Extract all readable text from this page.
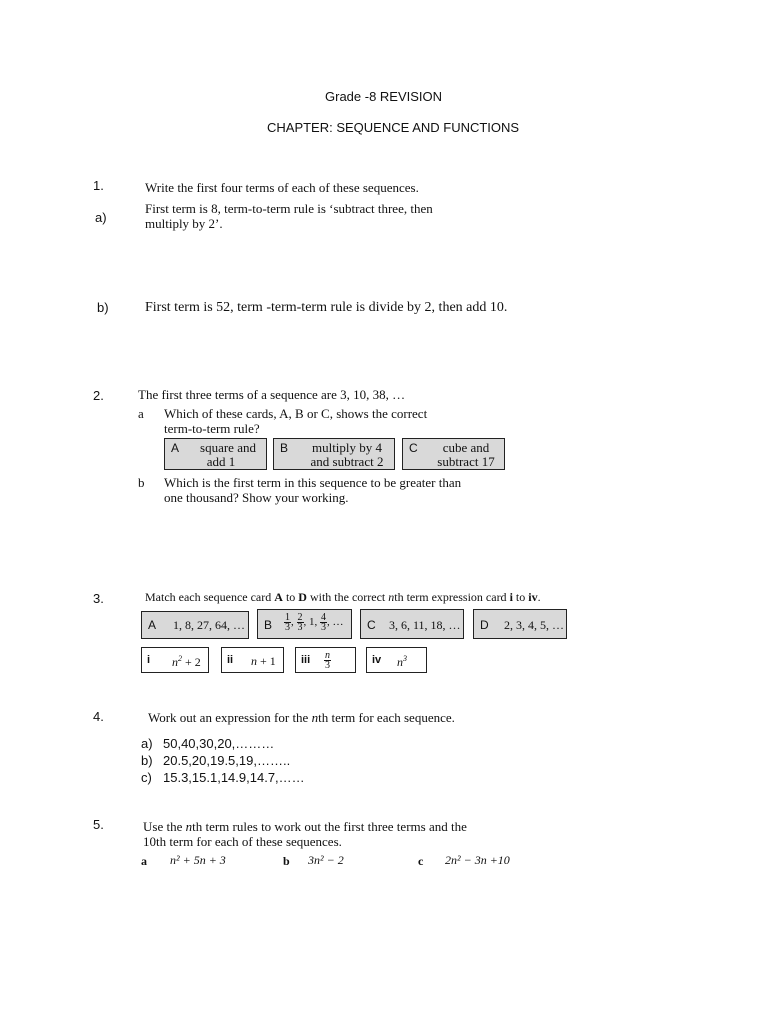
Grade -8 REVISION
CHAPTER: SEQUENCE AND FUNCTIONS
1.	Write the first four terms of each of these sequences.
a)
First term is 8, term-to-term rule is ‘subtract three, then
multiply by 2’.
b)	First term is 52, term -term-term rule is divide by 2, then add 10.
2.	The first three terms of a sequence are 3, 10, 38, …
a Which of these cards, A, B or C, shows the correct
term-to-term rule?
A	square and
add 1
B	multiply by 4
and subtract 2
C	cube and
subtract 17
b Which is the first term in this sequence to be greater than
one thousand? Show your working.
3.	Match each sequence card A to D with the correct nth term expression card i to iv.
A 1, 8, 27, 64, … B $\frac{1}{3}$ , $\frac{2}{3}$ , 1, $\frac{4}{3}$ , … C 3, 6, 11, 18, … D 2, 3, 4, 5, …
i $n^2 + 2$ ii n + 1 iii $\frac{n}{3}$	iv $n^3$
4.	Work out an expression for the nth term for each sequence.
a) 50,40,30,20,………
b) 20.5,20,19.5,19,……..
c) 15.3,15.1,14.9,14.7,……
5.	Use the nth term rules to work out the first three terms and the
10th term for each of these sequences.
a n² + 5n + 3	b 3n² − 2	c 2n² − 3n +10
